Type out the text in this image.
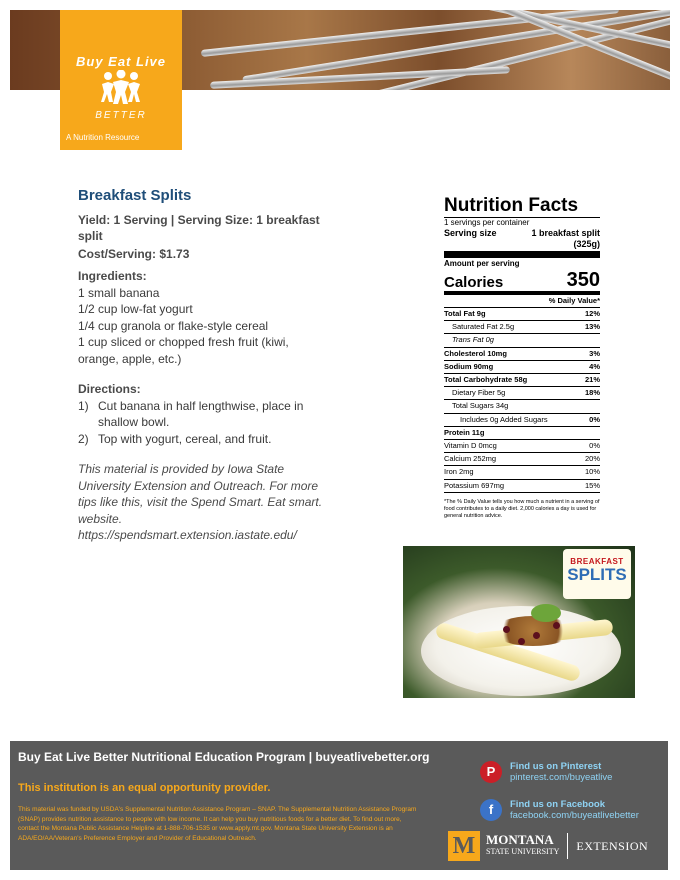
Buy Eat Live
BETTER
A Nutrition Resource
Breakfast Splits
Yield: 1 Serving | Serving Size: 1 breakfast split
Cost/Serving: $1.73
Ingredients:
1 small banana
1/2 cup low-fat yogurt
1/4 cup granola or flake-style cereal
1 cup sliced or chopped fresh fruit (kiwi, orange, apple, etc.)
Directions:
1) Cut banana in half lengthwise, place in shallow bowl.
2) Top with yogurt, cereal, and fruit.
This material is provided by Iowa State University Extension and Outreach. For more tips like this, visit the Spend Smart. Eat smart. website. https://spendsmart.extension.iastate.edu/
Nutrition Facts
1 servings per container
Serving size	1 breakfast split
(325g)
Amount per serving
Calories	350
% Daily Value*
Total Fat 9g	12%
Saturated Fat 2.5g	13%
Trans Fat 0g
Cholesterol 10mg	3%
Sodium 90mg	4%
Total Carbohydrate 58g	21%
Dietary Fiber 5g	18%
Total Sugars 34g
Includes 0g Added Sugars	0%
Protein 11g
Vitamin D 0mcg	0%
Calcium 252mg	20%
Iron 2mg	10%
Potassium 697mg	15%
*The % Daily Value tells you how much a nutrient in a serving of food contributes to a daily diet. 2,000 calories a day is used for general nutrition advice.
BREAKFAST
SPLITS
Buy Eat Live Better Nutritional Education Program | buyeatlivebetter.org
This institution is an equal opportunity provider.
This material was funded by USDA's Supplemental Nutrition Assistance Program – SNAP. The Supplemental Nutrition Assistance Program (SNAP) provides nutrition assistance to people with low income. It can help you buy nutritious foods for a better diet. To find out more, contact the Montana Public Assistance Helpline at 1-888-706-1535 or www.apply.mt.gov. Montana State University Extension is an ADA/EO/AA/Veteran's Preference Employer and Provider of Educational Outreach.
P	Find us on Pinterest
pinterest.com/buyeatlive
f	Find us on Facebook
facebook.com/buyeatlivebetter
M MONTANA
STATE UNIVERSITY EXTENSION
